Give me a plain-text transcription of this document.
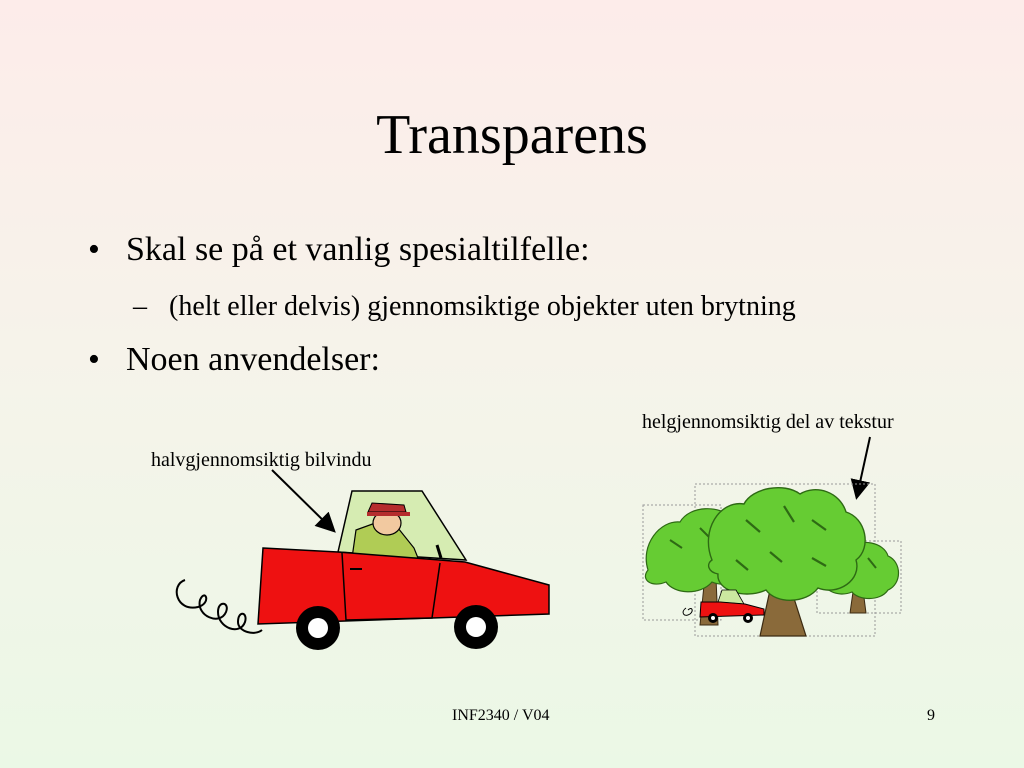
Transparens
• Skal se på et vanlig spesialtilfelle:
– (helt eller delvis) gjennomsiktige objekter uten brytning
• Noen anvendelser:
halvgjennomsiktig bilvindu
helgjennomsiktig del av tekstur
INF2340 / V04	9
